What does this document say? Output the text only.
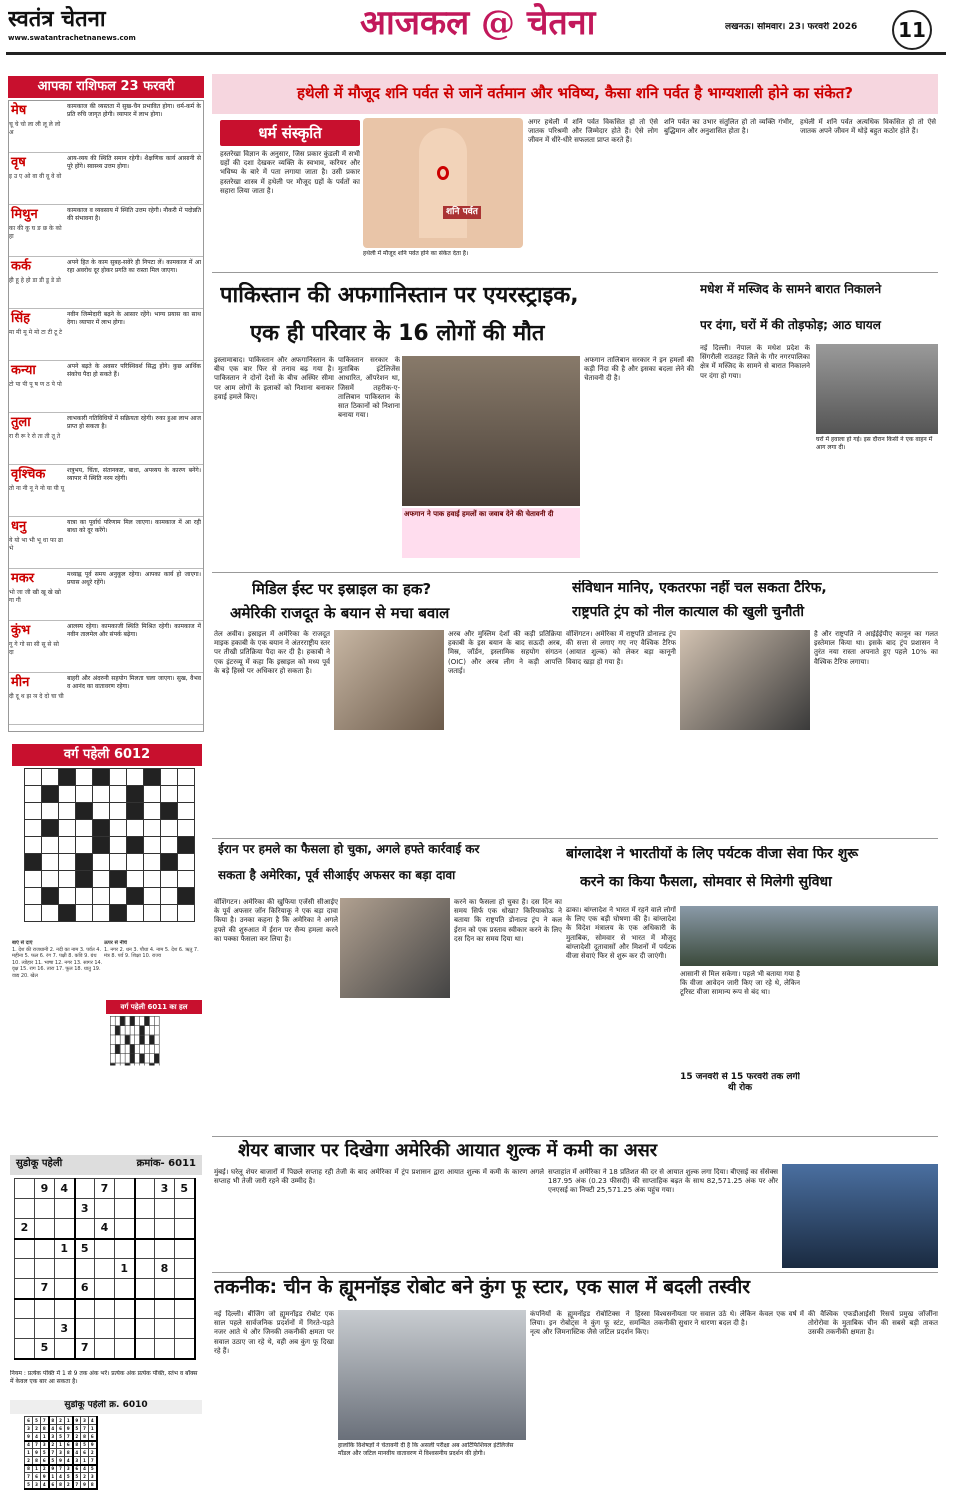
स्वतंत्र चेतना
www.swatantrachetnanews.com	आजकल @ चेतना	लखनऊ। सोमवार। 23। फरवरी 2026	11
आपका राशिफल 23 फरवरी
मेष
चू चे चो ला ली लू ले लो अ
कामकाज की व्यस्तता में सुख-चैन प्रभावित होगा। धर्म-कर्म के प्रति रुचि जागृत होगी। व्यापार में लाभ होगा।
वृष
इ उ ए ओ वा वी वू वे वो
आय-व्यय की स्थिति समान रहेगी। शैक्षणिक कार्य आसानी से पूरे होंगे। स्वास्थ्य उत्तम होगा।
मिथुन
का की कू घ ङ छ के को हा
कामकाज व व्यवसाय में स्थिति उत्तम रहेगी। नौकरी में पदोन्नति की संभावना है।
कर्क
ही हू हे हो डा डी डू डे डो
अपने हित के काम सुबह-सवेरे ही निपटा लें। कामकाज में आ रहा अवरोध दूर होकर प्रगति का रास्ता मिल जाएगा।
सिंह
मा मी मू मे मो टा टी टू टे
नवीन जिम्मेदारी बढ़ने के आसार रहेंगे। भाग्य प्रयास का साथ देगा। व्यापार में लाभ होगा।
कन्या
टो पा पी पू ष ण ठ पे पो
अपने बढ़ते के अवसर परिस्थिवर्श सिद्ध होंगे। कुछ आर्थिक संकोच पैदा हो सकते हैं।
तुला
रा री रू रे रो ता ती तू ते
लाभकारी गतिविधियों में सक्रियता रहेगी। रुका हुआ लाभ आज प्राप्त हो सकता है।
वृश्चिक
तो ना नी नू ने नो या यी यू
शत्रुभय, चिंता, संतानकष्ट, बाधा, अपव्यय के कारण बनेंगे। व्यापार में स्थिति नरम रहेगी।
धनु
ये यो भा भी भू धा फा ढा भे
यात्रा का पूर्वार्ध परिणाम मिल जाएगा। कामकाज में आ रही बाधा को दूर करेंगे।
मकर
भो जा जी खी खू खे खो गा गी
मध्याह्न पूर्व समय अनुकूल रहेगा। आपका कार्य हो जाएगा। प्रयास अधूरे रहेंगे।
कुंभ
गू गे गो सा सी सू से सो दा
आलस्य रहेगा। कामकाजी स्थिति मिश्रित रहेगी। कामकाज में नवीन तालमेल और संपर्क बढ़ेगा।
मीन
दी दू थ झ ञ दे दो चा ची
बाहरी और अंदरुनी सहयोग मिलता चला जाएगा। सुख, वैभव व आनंद का वातावरण रहेगा।
वर्ग पहेली 6012

बाएं से दाएं
1. देश की राजधानी 2. नदी का नाम 3. पर्वत 4. महीना 5. फल 6. रंग 7. पक्षी 8. कवि 9. ग्रंथ 10. त्योहार 11. भाषा 12. नगर 13. सागर 14. वृक्ष 15. राग 16. तारा 17. फूल 18. धातु 19. वाद्य 20. खेल
ऊपर से नीचे
1. नगर 2. धन 3. पौधा 4. नाम 5. देश 6. ऋतु 7. मंत्र 8. पर्व 9. शिक्षा 10. राज्य
वर्ग पहेली 6011 का हल

सुडोकू पहेली	क्रमांक- 6011
	9	4		7			3	5
			3					
2				4				
		1	5					
					1		8	
	7		6					

		3						
	5		7					
नियम : प्रत्येक पंक्ति में 1 से 9 तक अंक भरें। प्रत्येक अंक प्रत्येक पंक्ति, स्तंभ व बॉक्स में केवल एक बार आ सकता है।
सुडोकू पहेली क्र. 6010
6	5	7	8	2	1	9	3	4
3	2	8	4	6	9	5	7	1
9	4	1	3	5	7	2	8	6
4	7	3	2	1	6	8	5	9
1	9	5	7	3	8	4	6	2
2	8	6	5	9	4	3	1	7
8	1	2	9	7	3	6	4	5
7	6	9	1	4	5	5	2	3
5	3	4	6	8	2	7	9	8
हथेली में मौजूद शनि पर्वत से जानें वर्तमान और भविष्य, कैसा शनि पर्वत है भाग्यशाली होने का संकेत?
धर्म संस्कृति
हस्तरेखा विज्ञान के अनुसार, जिस प्रकार कुंडली में सभी ग्रहों की दशा देखकर व्यक्ति के स्वभाव, करियर और भविष्य के बारे में पता लगाया जाता है। उसी प्रकार हस्तरेखा शास्त्र में हथेली पर मौजूद ग्रहों के पर्वतों का सहारा लिया जाता है।
शनि पर्वत
हथेली में मौजूद शनि पर्वत होने का संकेत देता है।
अगर हथेली में शनि पर्वत विकसित हो तो ऐसे जातक परिश्रमी और जिम्मेदार होते हैं। ऐसे लोग जीवन में धीरे-धीरे सफलता प्राप्त करते हैं।
शनि पर्वत का उभार संतुलित हो तो व्यक्ति गंभीर, बुद्धिमान और अनुशासित होता है।
हथेली में शनि पर्वत अत्यधिक विकसित हो तो ऐसे जातक अपने जीवन में थोड़े बहुत कठोर होते हैं।
पाकिस्तान की अफगानिस्तान पर एयरस्ट्राइक,
एक ही परिवार के 16 लोगों की मौत
इस्लामाबाद। पाकिस्तान और अफगानिस्तान के बीच एक बार फिर से तनाव बढ़ गया है। पाकिस्तान ने दोनों देशों के बीच अस्थिर सीमा पर आम लोगों के इलाकों को निशाना बनाकर हवाई हमले किए।
पाकिस्तान सरकार के मुताबिक इंटेलिजेंस आधारित, ऑपरेशन था, जिसमें तहरीक-ए-तालिबान पाकिस्तान के सात ठिकानों को निशाना बनाया गया।
अफगान ने पाक हवाई हमलों का जवाब देने की चेतावनी दी
अफगान तालिबान सरकार ने इन हमलों की कड़ी निंदा की है और इसका बदला लेने की चेतावनी दी है।
मधेश में मस्जिद के सामने बारात निकालने
पर दंगा, घरों में की तोड़फोड़; आठ घायल
नई दिल्ली। नेपाल के मधेश प्रदेश के सिंगरौली राउतहट जिले के गौर नगरपालिका क्षेत्र में मस्जिद के सामने से बारात निकालने पर दंगा हो गया।
घरों में हवाला हो गई। इस दौरान किसी ने एक वाहन में आग लगा दी।
मिडिल ईस्ट पर इस्राइल का हक?
अमेरिकी राजदूत के बयान से मचा बवाल
तेल अवीव। इस्राइल में अमेरिका के राजदूत माइक हकाबी के एक बयान ने अंतरराष्ट्रीय स्तर पर तीखी प्रतिक्रिया पैदा कर दी है। हकाबी ने एक इंटरव्यू में कहा कि इस्राइल को मध्य पूर्व के बड़े हिस्से पर अधिकार हो सकता है।
अरब और मुस्लिम देशों की कड़ी प्रतिक्रिया हकाबी के इस बयान के बाद सऊदी अरब, मिस्र, जॉर्डन, इस्लामिक सहयोग संगठन (OIC) और अरब लीग ने कड़ी आपत्ति जताई।
संविधान मानिए, एकतरफा नहीं चल सकता टैरिफ,
राष्ट्रपति ट्रंप को नील कात्याल की खुली चुनौती
वॉशिंगटन। अमेरिका में राष्ट्रपति डोनाल्ड ट्रंप की सत्ता से लगाए गए नए वैश्विक टैरिफ (आयात शुल्क) को लेकर बड़ा कानूनी विवाद खड़ा हो गया है।
है और राष्ट्रपति ने आईईईपीए कानून का गलत इस्तेमाल किया था। इसके बाद ट्रंप प्रशासन ने तुरंत नया रास्ता अपनाते हुए पहले 10% का वैश्विक टैरिफ लगाया।
ईरान पर हमले का फैसला हो चुका, अगले हफ्ते कार्रवाई कर
सकता है अमेरिका, पूर्व सीआईए अफसर का बड़ा दावा
वॉशिंगटन। अमेरिका की खुफिया एजेंसी सीआईए के पूर्व अफसर जॉन किरियाकू ने एक बड़ा दावा किया है। उनका कहना है कि अमेरिका ने अगले हफ्ते की शुरुआत में ईरान पर सैन्य हमला करने का पक्का फैसला कर लिया है।
करने का फैसला हो चुका है। दस दिन का समय सिर्फ एक धोखा? किरियाकोऊ ने बताया कि राष्ट्रपति डोनाल्ड ट्रंप ने कल ईरान को एक प्रस्ताव स्वीकार करने के लिए दस दिन का समय दिया था।
बांग्लादेश ने भारतीयों के लिए पर्यटक वीजा सेवा फिर शुरू
करने का किया फैसला, सोमवार से मिलेगी सुविधा
ढाका। बांग्लादेश ने भारत में रहने वाले लोगों के लिए एक बड़ी घोषणा की है। बांग्लादेश के विदेश मंत्रालय के एक अधिकारी के मुताबिक, सोमवार से भारत में मौजूद बांग्लादेशी दूतावासों और मिशनों में पर्यटक वीजा सेवाएं फिर से शुरू कर दी जाएंगी।
आसानी से मिल सकेगा। पहले भी बताया गया है कि वीजा आवेदन जारी किए जा रहे थे, लेकिन टूरिस्ट वीजा सामान्य रूप से बंद था।
15 जनवरी से 15 फरवरी तक लगी थी रोक
शेयर बाजार पर दिखेगा अमेरिकी आयात शुल्क में कमी का असर
मुंबई। घरेलू शेयर बाजारों में पिछले सप्ताह रही तेजी के बाद अमेरिका में ट्रंप प्रशासन द्वारा आयात शुल्क में कमी के कारण अगले सप्ताह भी तेजी जारी रहने की उम्मीद है।
सप्ताहांत में अमेरिका ने 18 प्रतिशत की दर से आयात शुल्क लगा दिया। बीएसई का सेंसेक्स 187.95 अंक (0.23 फीसदी) की साप्ताहिक बढ़त के साथ 82,571.25 अंक पर और एनएसई का निफ्टी 25,571.25 अंक पहुंच गया।
तकनीक: चीन के ह्यूमनॉइड रोबोट बने कुंग फू स्टार, एक साल में बदली तस्वीर
नई दिल्ली। बीजिंग जो ह्यूमनॉइड रोबोट एक साल पहले सार्वजनिक प्रदर्शनों में गिरते-पड़ते नजर आते थे और जिनकी तकनीकी क्षमता पर सवाल उठाए जा रहे थे, वही अब कुंग फू दिखा रहे हैं।
हालांकि विशेषज्ञों ने चेतावनी दी है कि असली परीक्षा अब आर्टिफिशियल इंटेलिजेंस मॉडल और जटिल मानवीय वातावरण में विश्वसनीय प्रदर्शन की होगी।
कंपनियों के ह्यूमनॉइड रोबोटिक्स ने हिस्सा लिया। इन रोबोट्स ने कुंग फू स्टंट, समन्वित नृत्य और जिमनास्टिक जैसे जटिल प्रदर्शन किए।
विश्वसनीयता पर सवाल उठे थे। लेकिन केवल एक वर्ष में तकनीकी सुधार ने धारणा बदल दी है।
की वैश्विक एफडीआईसी रिसर्च प्रमुख जॉर्जीना तोरोरोवा के मुताबिक चीन की सबसे बड़ी ताकत उसकी तकनीकी क्षमता है।
